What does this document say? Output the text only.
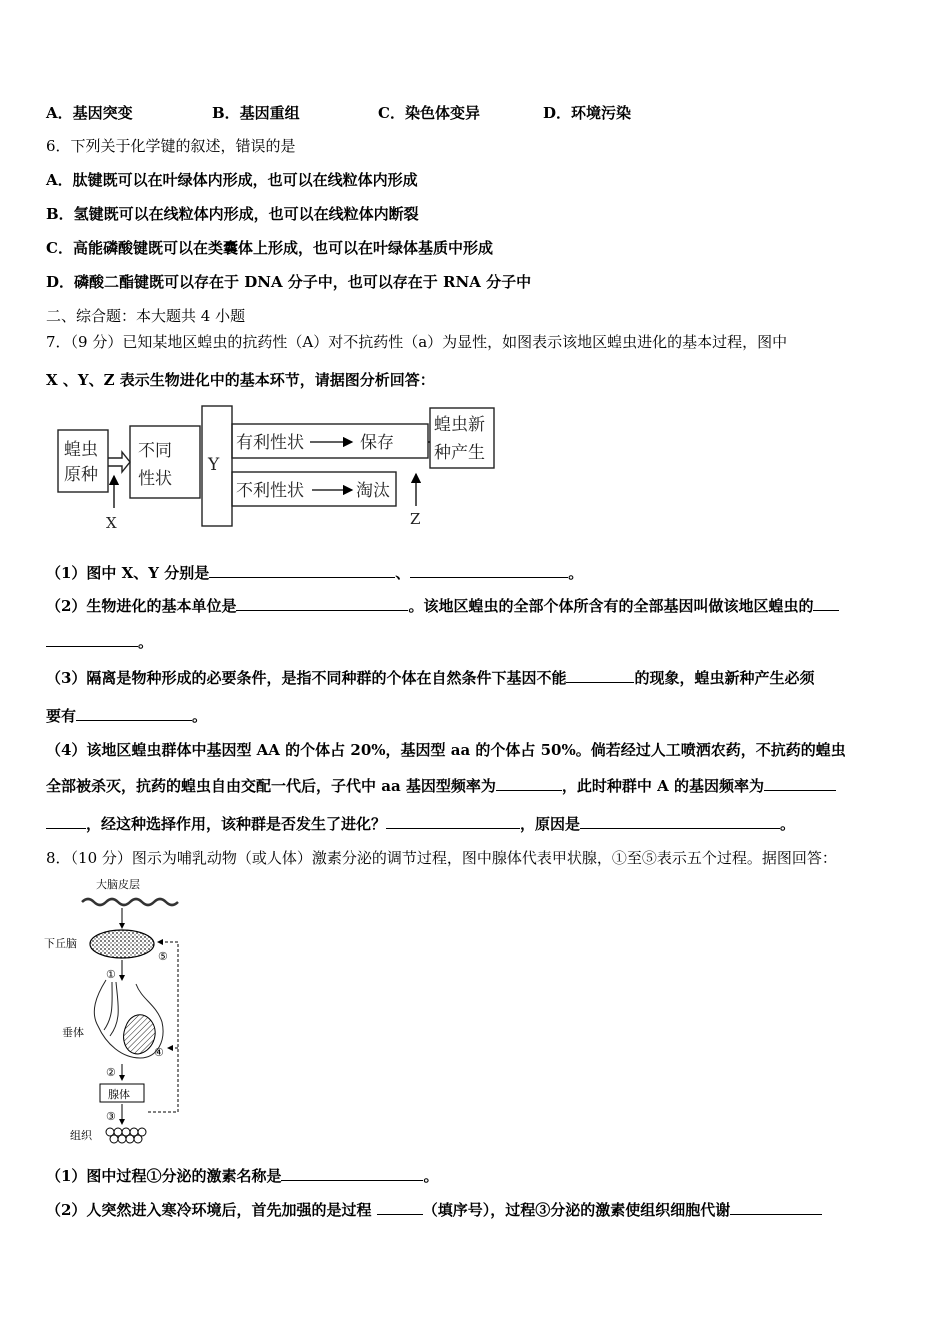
A．基因突变	B．基因重组	C．染色体变异	D．环境污染
6．下列关于化学键的叙述，错误的是
A．肽键既可以在叶绿体内形成，也可以在线粒体内形成
B．氢键既可以在线粒体内形成，也可以在线粒体内断裂
C．高能磷酸键既可以在类囊体上形成，也可以在叶绿体基质中形成
D．磷酸二酯键既可以存在于 DNA 分子中，也可以存在于 RNA 分子中
二、综合题：本大题共 4 小题
7．（9 分）已知某地区蝗虫的抗药性（A）对不抗药性（a）为显性，如图表示该地区蝗虫进化的基本过程，图中
X 、Y、Z 表示生物进化中的基本环节，请据图分析回答：
蝗虫
原种
不同
性状
Y
有利性状	保存
不利性状	淘汰
蝗虫新
种产生
X	Z
（1）图中 X、Y 分别是	、	。
（2）生物进化的基本单位是	。该地区蝗虫的全部个体所含有的全部基因叫做该地区蝗虫的
。
（3）隔离是物种形成的必要条件，是指不同种群的个体在自然条件下基因不能	的现象，蝗虫新种产生必须
要有	。
（4）该地区蝗虫群体中基因型 AA 的个体占 20%，基因型 aa 的个体占 50%。倘若经过人工喷洒农药，不抗药的蝗虫
全部被杀灭，抗药的蝗虫自由交配一代后，子代中 aa 基因型频率为	，此时种群中 A 的基因频率为
，经这种选择作用，该种群是否发生了进化？	，原因是	。
8．（10 分）图示为哺乳动物（或人体）激素分泌的调节过程，图中腺体代表甲状腺，①至⑤表示五个过程。据图回答：
大脑皮层
下丘脑
垂体
腺体
组织
①
②
③
④
⑤
（1）图中过程①分泌的激素名称是	。
（2）人突然进入寒冷环境后，首先加强的是过程	（填序号），过程③分泌的激素使组织细胞代谢
